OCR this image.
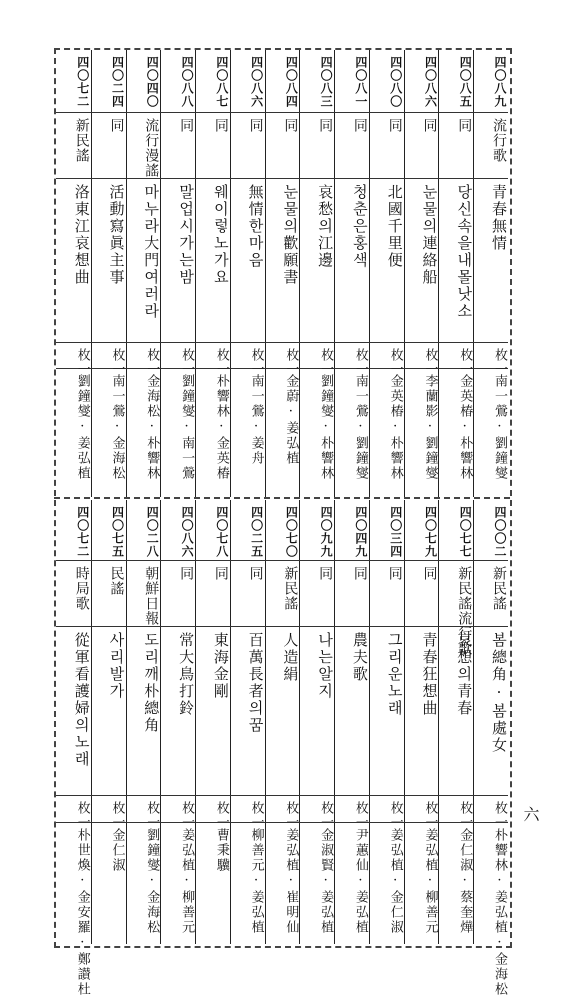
四〇八九
流行歌
青春無情
枚一
南一鶯·劉鐘燮
四〇八五
同
당신속을내몰낫소
枚一
金英椿·朴響林
四〇八六
同
눈물의連絡船
枚一
李蘭影·劉鐘燮
四〇八〇
同
北國千里便
枚一
金英椿·朴響林
四〇八一
同
청춘은홍색
枚一
南一鶯·劉鐘燮
四〇八三
同
哀愁의江邊
枚一
劉鐘燮·朴響林
四〇八四
同
눈물의歡願書
枚一
金蔚·姜弘植
四〇八六
同
無情한마음
枚一
南一鶯·姜舟
四〇八七
同
웨이렇노가요
枚一
朴響林·金英椿
四〇八八
同
말업시가는밤
枚一
劉鐘燮·南一鶯
四〇四〇
流行漫謠
마누라大門여러라
枚一
金海松·朴響林
四〇二四
同
活動寫眞主事
枚一
南一鶯·金海松
四〇七二
新民謠
洛東江哀想曲
枚一
劉鐘燮·姜弘植
四〇〇二
新民謠
봄總角·봄處女
枚一
朴響林·姜弘植·金海松
四〇七七
新民謠流行歌
哀想의青春
枚一
金仁淑·蔡奎燁
四〇七九
同
青春狂想曲
枚一
姜弘植·柳善元
四〇三四
同
그리운노래
枚一
姜弘植·金仁淑
四〇四九
同
農夫歌
枚一
尹蕙仙·姜弘植
四〇九九
同
나는알지
枚一
金淑賢·姜弘植
四〇七〇
新民謠
人造絹
枚一
姜弘植·崔明仙
四〇二五
同
百萬長者의꿈
枚一
柳善元·姜弘植
四〇七八
同
東海金剛
枚一
曹秉驥
四〇八六
同
常大鳥打鈴
枚一
姜弘植·柳善元
四〇二八
朝鮮日報
도리깨朴總角
枚一
劉鐘燮·金海松
四〇七五
民謠
사리발가
枚一
金仁淑
四〇七二
時局歌
從軍看護婦의노래
枚一
朴世煥·金安羅·鄭讃杜
六
